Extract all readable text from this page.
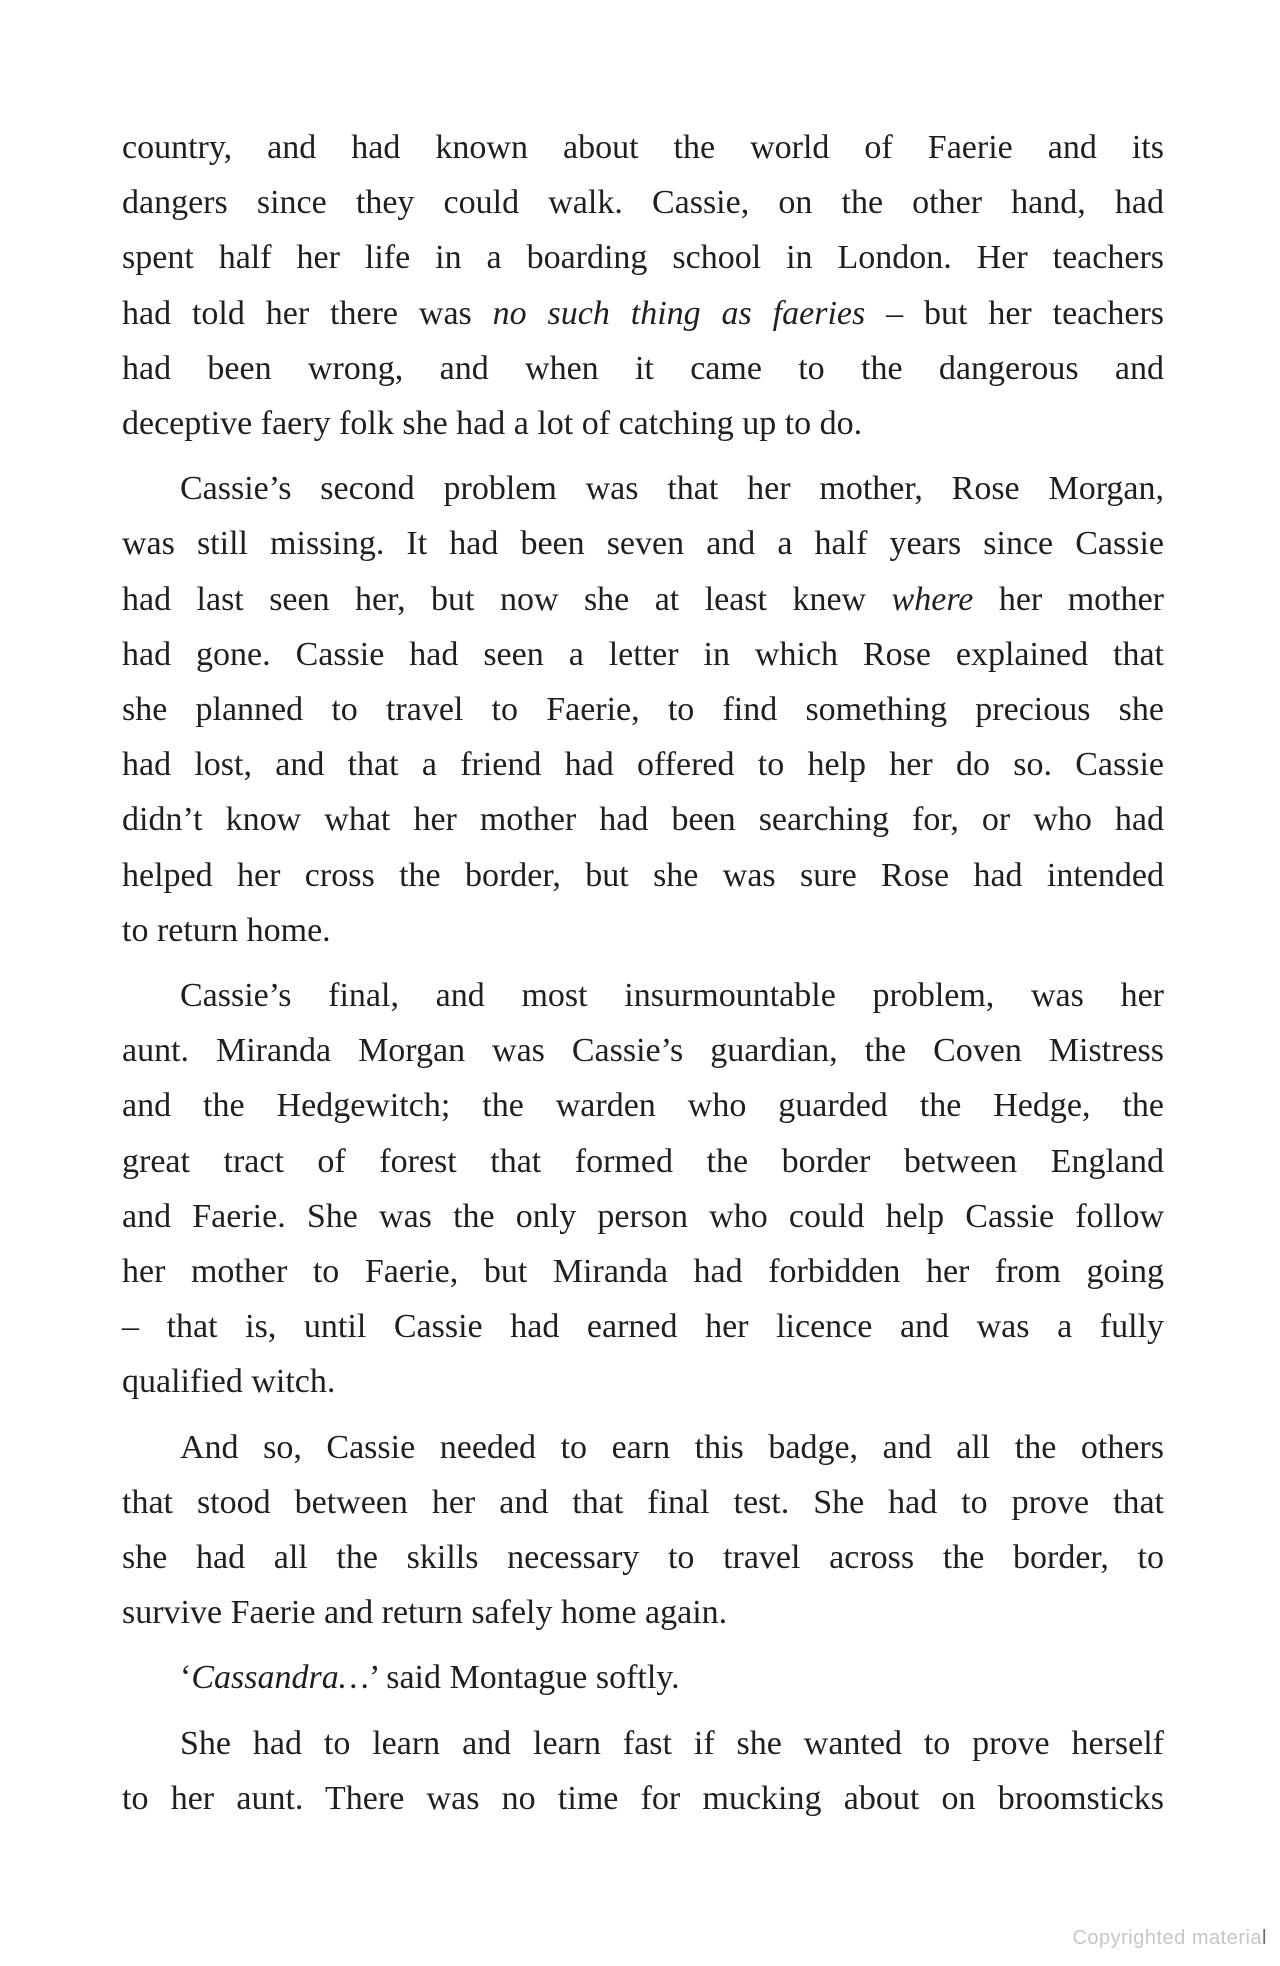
country, and had known about the world of Faerie and its
dangers since they could walk. Cassie, on the other hand, had
spent half her life in a boarding school in London. Her teachers
had told her there was no such thing as faeries – but her teachers
had been wrong, and when it came to the dangerous and
deceptive faery folk she had a lot of catching up to do.
Cassie’s second problem was that her mother, Rose Morgan,
was still missing. It had been seven and a half years since Cassie
had last seen her, but now she at least knew where her mother
had gone. Cassie had seen a letter in which Rose explained that
she planned to travel to Faerie, to find something precious she
had lost, and that a friend had offered to help her do so. Cassie
didn’t know what her mother had been searching for, or who had
helped her cross the border, but she was sure Rose had intended
to return home.
Cassie’s final, and most insurmountable problem, was her
aunt. Miranda Morgan was Cassie’s guardian, the Coven Mistress
and the Hedgewitch; the warden who guarded the Hedge, the
great tract of forest that formed the border between England
and Faerie. She was the only person who could help Cassie follow
her mother to Faerie, but Miranda had forbidden her from going
– that is, until Cassie had earned her licence and was a fully
qualified witch.
And so, Cassie needed to earn this badge, and all the others
that stood between her and that final test. She had to prove that
she had all the skills necessary to travel across the border, to
survive Faerie and return safely home again.
‘Cassandra…’ said Montague softly.
She had to learn and learn fast if she wanted to prove herself
to her aunt. There was no time for mucking about on broomsticks
Copyrighted material
